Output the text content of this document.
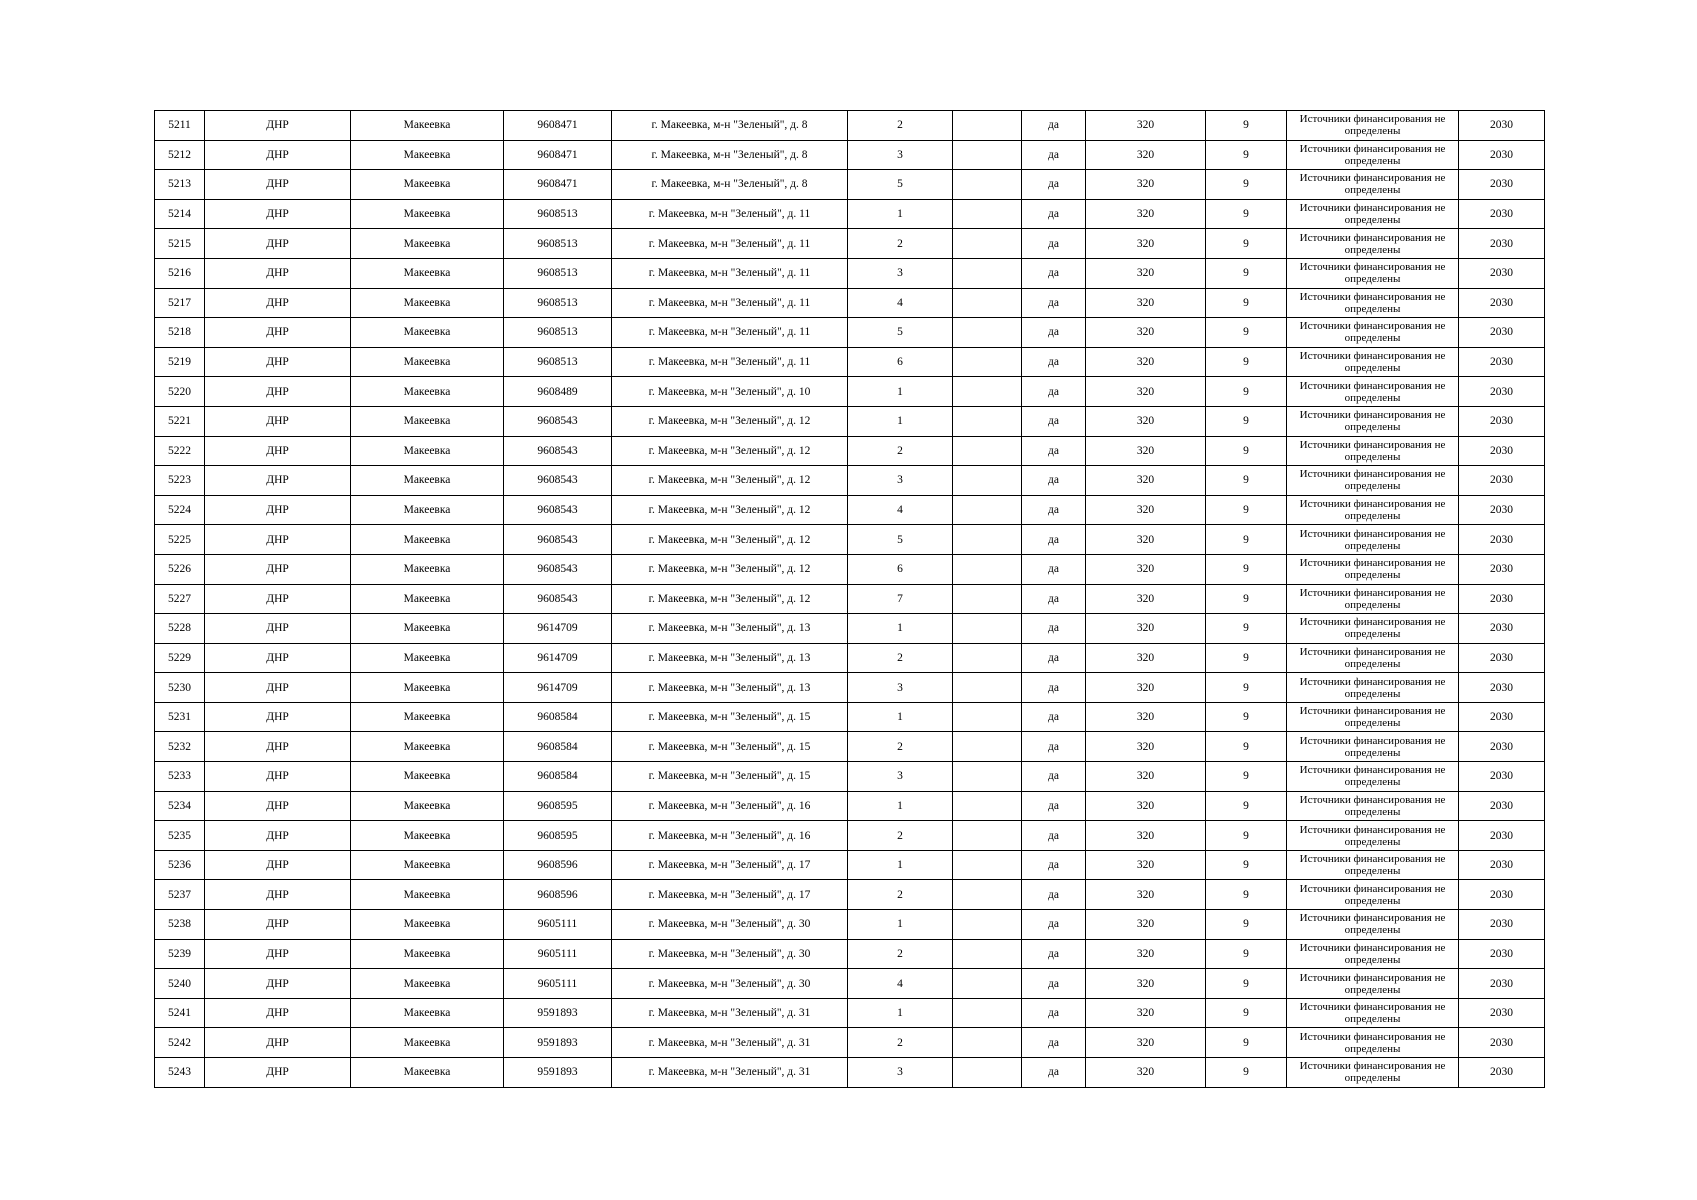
5211	ДНР	Макеевка	9608471	г. Макеевка, м-н "Зеленый", д. 8	2		да	320	9	Источники финансирования не определены	2030
5212	ДНР	Макеевка	9608471	г. Макеевка, м-н "Зеленый", д. 8	3		да	320	9	Источники финансирования не определены	2030
5213	ДНР	Макеевка	9608471	г. Макеевка, м-н "Зеленый", д. 8	5		да	320	9	Источники финансирования не определены	2030
5214	ДНР	Макеевка	9608513	г. Макеевка, м-н "Зеленый", д. 11	1		да	320	9	Источники финансирования не определены	2030
5215	ДНР	Макеевка	9608513	г. Макеевка, м-н "Зеленый", д. 11	2		да	320	9	Источники финансирования не определены	2030
5216	ДНР	Макеевка	9608513	г. Макеевка, м-н "Зеленый", д. 11	3		да	320	9	Источники финансирования не определены	2030
5217	ДНР	Макеевка	9608513	г. Макеевка, м-н "Зеленый", д. 11	4		да	320	9	Источники финансирования не определены	2030
5218	ДНР	Макеевка	9608513	г. Макеевка, м-н "Зеленый", д. 11	5		да	320	9	Источники финансирования не определены	2030
5219	ДНР	Макеевка	9608513	г. Макеевка, м-н "Зеленый", д. 11	6		да	320	9	Источники финансирования не определены	2030
5220	ДНР	Макеевка	9608489	г. Макеевка, м-н "Зеленый", д. 10	1		да	320	9	Источники финансирования не определены	2030
5221	ДНР	Макеевка	9608543	г. Макеевка, м-н "Зеленый", д. 12	1		да	320	9	Источники финансирования не определены	2030
5222	ДНР	Макеевка	9608543	г. Макеевка, м-н "Зеленый", д. 12	2		да	320	9	Источники финансирования не определены	2030
5223	ДНР	Макеевка	9608543	г. Макеевка, м-н "Зеленый", д. 12	3		да	320	9	Источники финансирования не определены	2030
5224	ДНР	Макеевка	9608543	г. Макеевка, м-н "Зеленый", д. 12	4		да	320	9	Источники финансирования не определены	2030
5225	ДНР	Макеевка	9608543	г. Макеевка, м-н "Зеленый", д. 12	5		да	320	9	Источники финансирования не определены	2030
5226	ДНР	Макеевка	9608543	г. Макеевка, м-н "Зеленый", д. 12	6		да	320	9	Источники финансирования не определены	2030
5227	ДНР	Макеевка	9608543	г. Макеевка, м-н "Зеленый", д. 12	7		да	320	9	Источники финансирования не определены	2030
5228	ДНР	Макеевка	9614709	г. Макеевка, м-н "Зеленый", д. 13	1		да	320	9	Источники финансирования не определены	2030
5229	ДНР	Макеевка	9614709	г. Макеевка, м-н "Зеленый", д. 13	2		да	320	9	Источники финансирования не определены	2030
5230	ДНР	Макеевка	9614709	г. Макеевка, м-н "Зеленый", д. 13	3		да	320	9	Источники финансирования не определены	2030
5231	ДНР	Макеевка	9608584	г. Макеевка, м-н "Зеленый", д. 15	1		да	320	9	Источники финансирования не определены	2030
5232	ДНР	Макеевка	9608584	г. Макеевка, м-н "Зеленый", д. 15	2		да	320	9	Источники финансирования не определены	2030
5233	ДНР	Макеевка	9608584	г. Макеевка, м-н "Зеленый", д. 15	3		да	320	9	Источники финансирования не определены	2030
5234	ДНР	Макеевка	9608595	г. Макеевка, м-н "Зеленый", д. 16	1		да	320	9	Источники финансирования не определены	2030
5235	ДНР	Макеевка	9608595	г. Макеевка, м-н "Зеленый", д. 16	2		да	320	9	Источники финансирования не определены	2030
5236	ДНР	Макеевка	9608596	г. Макеевка, м-н "Зеленый", д. 17	1		да	320	9	Источники финансирования не определены	2030
5237	ДНР	Макеевка	9608596	г. Макеевка, м-н "Зеленый", д. 17	2		да	320	9	Источники финансирования не определены	2030
5238	ДНР	Макеевка	9605111	г. Макеевка, м-н "Зеленый", д. 30	1		да	320	9	Источники финансирования не определены	2030
5239	ДНР	Макеевка	9605111	г. Макеевка, м-н "Зеленый", д. 30	2		да	320	9	Источники финансирования не определены	2030
5240	ДНР	Макеевка	9605111	г. Макеевка, м-н "Зеленый", д. 30	4		да	320	9	Источники финансирования не определены	2030
5241	ДНР	Макеевка	9591893	г. Макеевка, м-н "Зеленый", д. 31	1		да	320	9	Источники финансирования не определены	2030
5242	ДНР	Макеевка	9591893	г. Макеевка, м-н "Зеленый", д. 31	2		да	320	9	Источники финансирования не определены	2030
5243	ДНР	Макеевка	9591893	г. Макеевка, м-н "Зеленый", д. 31	3		да	320	9	Источники финансирования не определены	2030
